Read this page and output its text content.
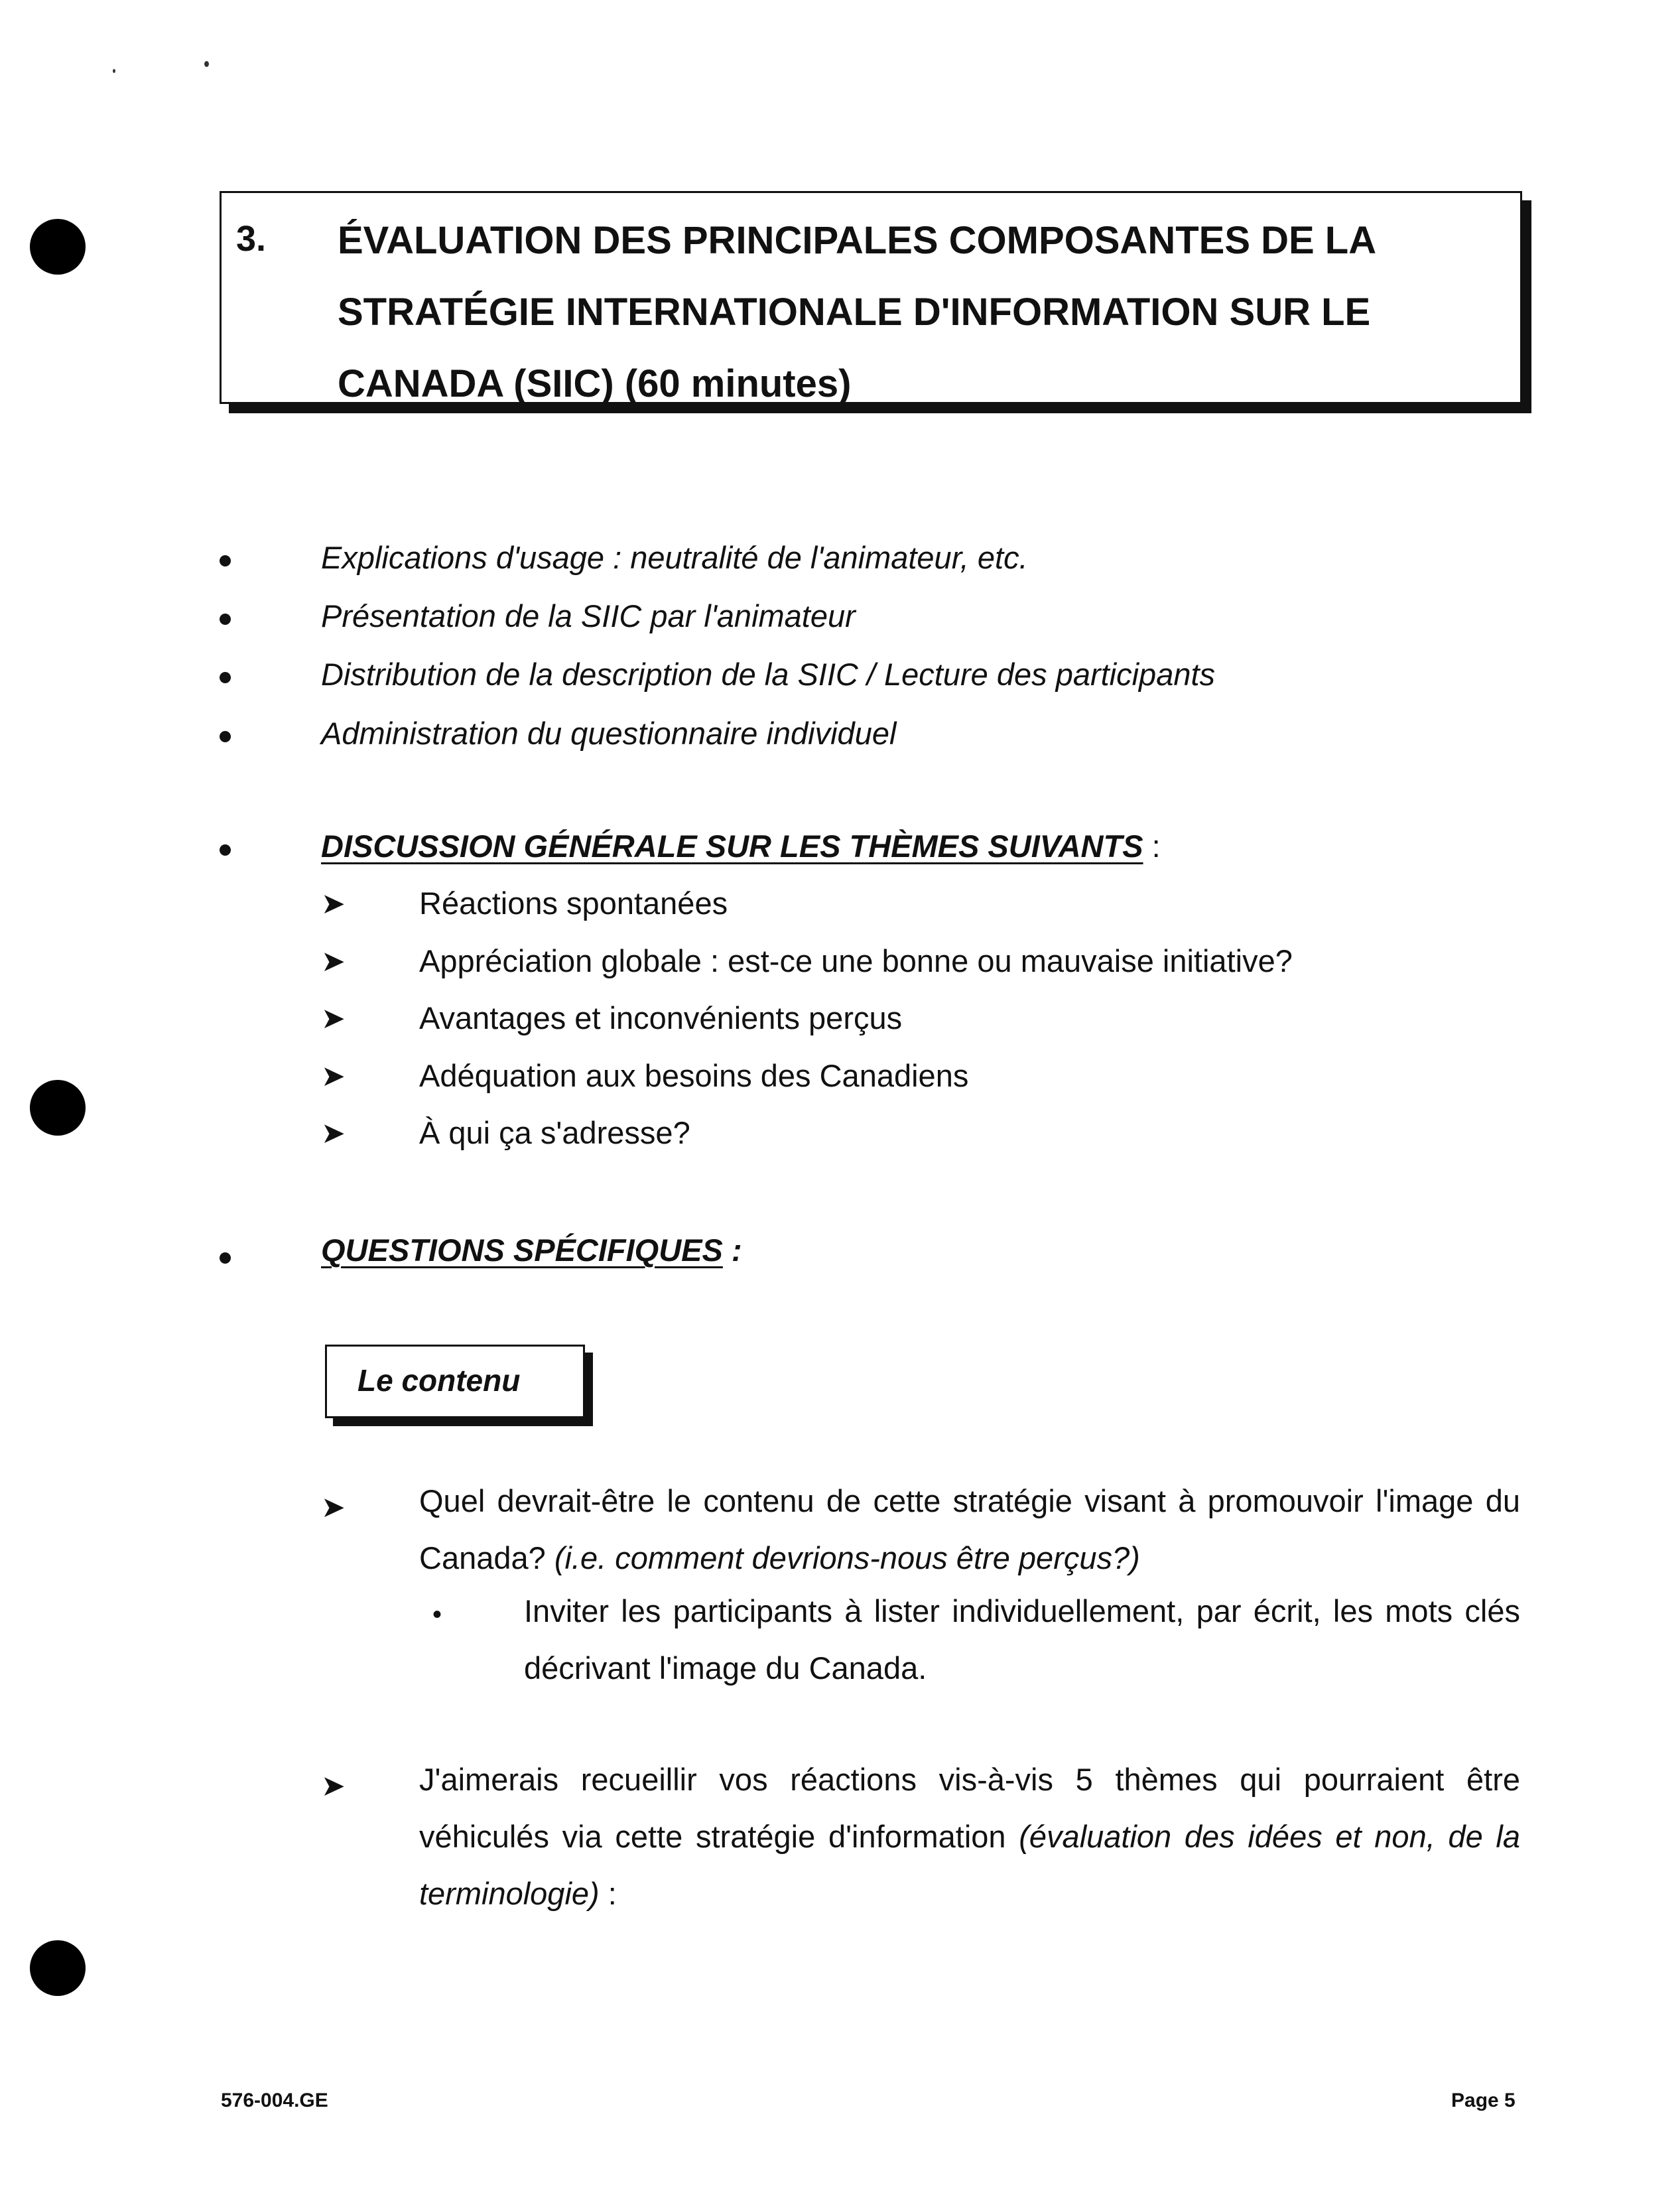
3. ÉVALUATION DES PRINCIPALES COMPOSANTES DE LA STRATÉGIE INTERNATIONALE D'INFORMATION SUR LE CANADA (SIIC) (60 minutes)
Explications d'usage : neutralité de l'animateur, etc.
Présentation de la SIIC par l'animateur
Distribution de la description de la SIIC / Lecture des participants
Administration du questionnaire individuel
DISCUSSION GÉNÉRALE SUR LES THÈMES SUIVANTS :
➤ Réactions spontanées
➤ Appréciation globale : est-ce une bonne ou mauvaise initiative?
➤ Avantages et inconvénients perçus
➤ Adéquation aux besoins des Canadiens
➤ À qui ça s'adresse?
QUESTIONS SPÉCIFIQUES :
Le contenu
➤ Quel devrait-être le contenu de cette stratégie visant à promouvoir l'image du Canada? (i.e. comment devrions-nous être perçus?)

•	Inviter les participants à lister individuellement, par écrit, les mots clés décrivant l'image du Canada.

➤ J'aimerais recueillir vos réactions vis-à-vis 5 thèmes qui pourraient être véhiculés via cette stratégie d'information (évaluation des idées et non, de la terminologie) :

576-004.GE	Page 5
